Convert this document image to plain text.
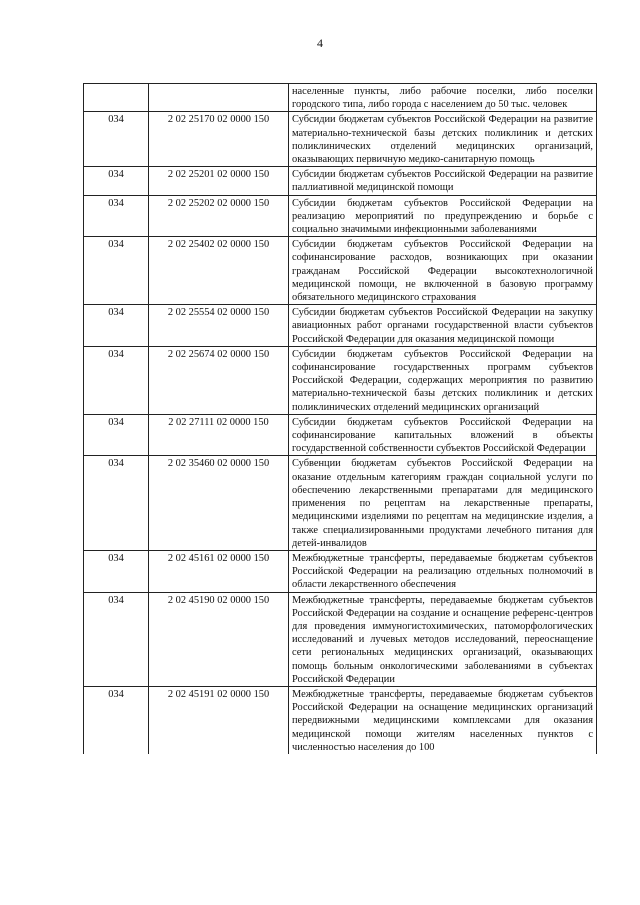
4
		населенные пункты, либо рабочие поселки, либо поселки городского типа, либо города с населением до 50 тыс. человек
034	2 02 25170 02 0000 150	Субсидии бюджетам субъектов Российской Федерации на развитие материально-технической базы детских поликлиник и детских поликлинических отделений медицинских организаций, оказывающих первичную медико-санитарную помощь
034	2 02 25201 02 0000 150	Субсидии бюджетам субъектов Российской Федерации на развитие паллиативной медицинской помощи
034	2 02 25202 02 0000 150	Субсидии бюджетам субъектов Российской Федерации на реализацию мероприятий по предупреждению и борьбе с социально значимыми инфекционными заболеваниями
034	2 02 25402 02 0000 150	Субсидии бюджетам субъектов Российской Федерации на софинансирование расходов, возникающих при оказании гражданам Российской Федерации высокотехнологичной медицинской помощи, не включенной в базовую программу обязательного медицинского страхования
034	2 02 25554 02 0000 150	Субсидии бюджетам субъектов Российской Федерации на закупку авиационных работ органами государственной власти субъектов Российской Федерации для оказания медицинской помощи
034	2 02 25674 02 0000 150	Субсидии бюджетам субъектов Российской Федерации на софинансирование государственных программ субъектов Российской Федерации, содержащих мероприятия по развитию материально-технической базы детских поликлиник и детских поликлинических отделений медицинских организаций
034	2 02 27111 02 0000 150	Субсидии бюджетам субъектов Российской Федерации на софинансирование капитальных вложений в объекты государственной собственности субъектов Российской Федерации
034	2 02 35460 02 0000 150	Субвенции бюджетам субъектов Российской Федерации на оказание отдельным категориям граждан социальной услуги по обеспечению лекарственными препаратами для медицинского применения по рецептам на лекарственные препараты, медицинскими изделиями по рецептам на медицинские изделия, а также специализированными продуктами лечебного питания для детей-инвалидов
034	2 02 45161 02 0000 150	Межбюджетные трансферты, передаваемые бюджетам субъектов Российской Федерации на реализацию отдельных полномочий в области лекарственного обеспечения
034	2 02 45190 02 0000 150	Межбюджетные трансферты, передаваемые бюджетам субъектов Российской Федерации на создание и оснащение референс-центров для проведения иммуногистохимических, патоморфологических исследований и лучевых методов исследований, переоснащение сети региональных медицинских организаций, оказывающих помощь больным онкологическими заболеваниями в субъектах Российской Федерации
034	2 02 45191 02 0000 150	Межбюджетные трансферты, передаваемые бюджетам субъектов Российской Федерации на оснащение медицинских организаций передвижными медицинскими комплексами для оказания медицинской помощи жителям населенных пунктов с численностью населения до 100
